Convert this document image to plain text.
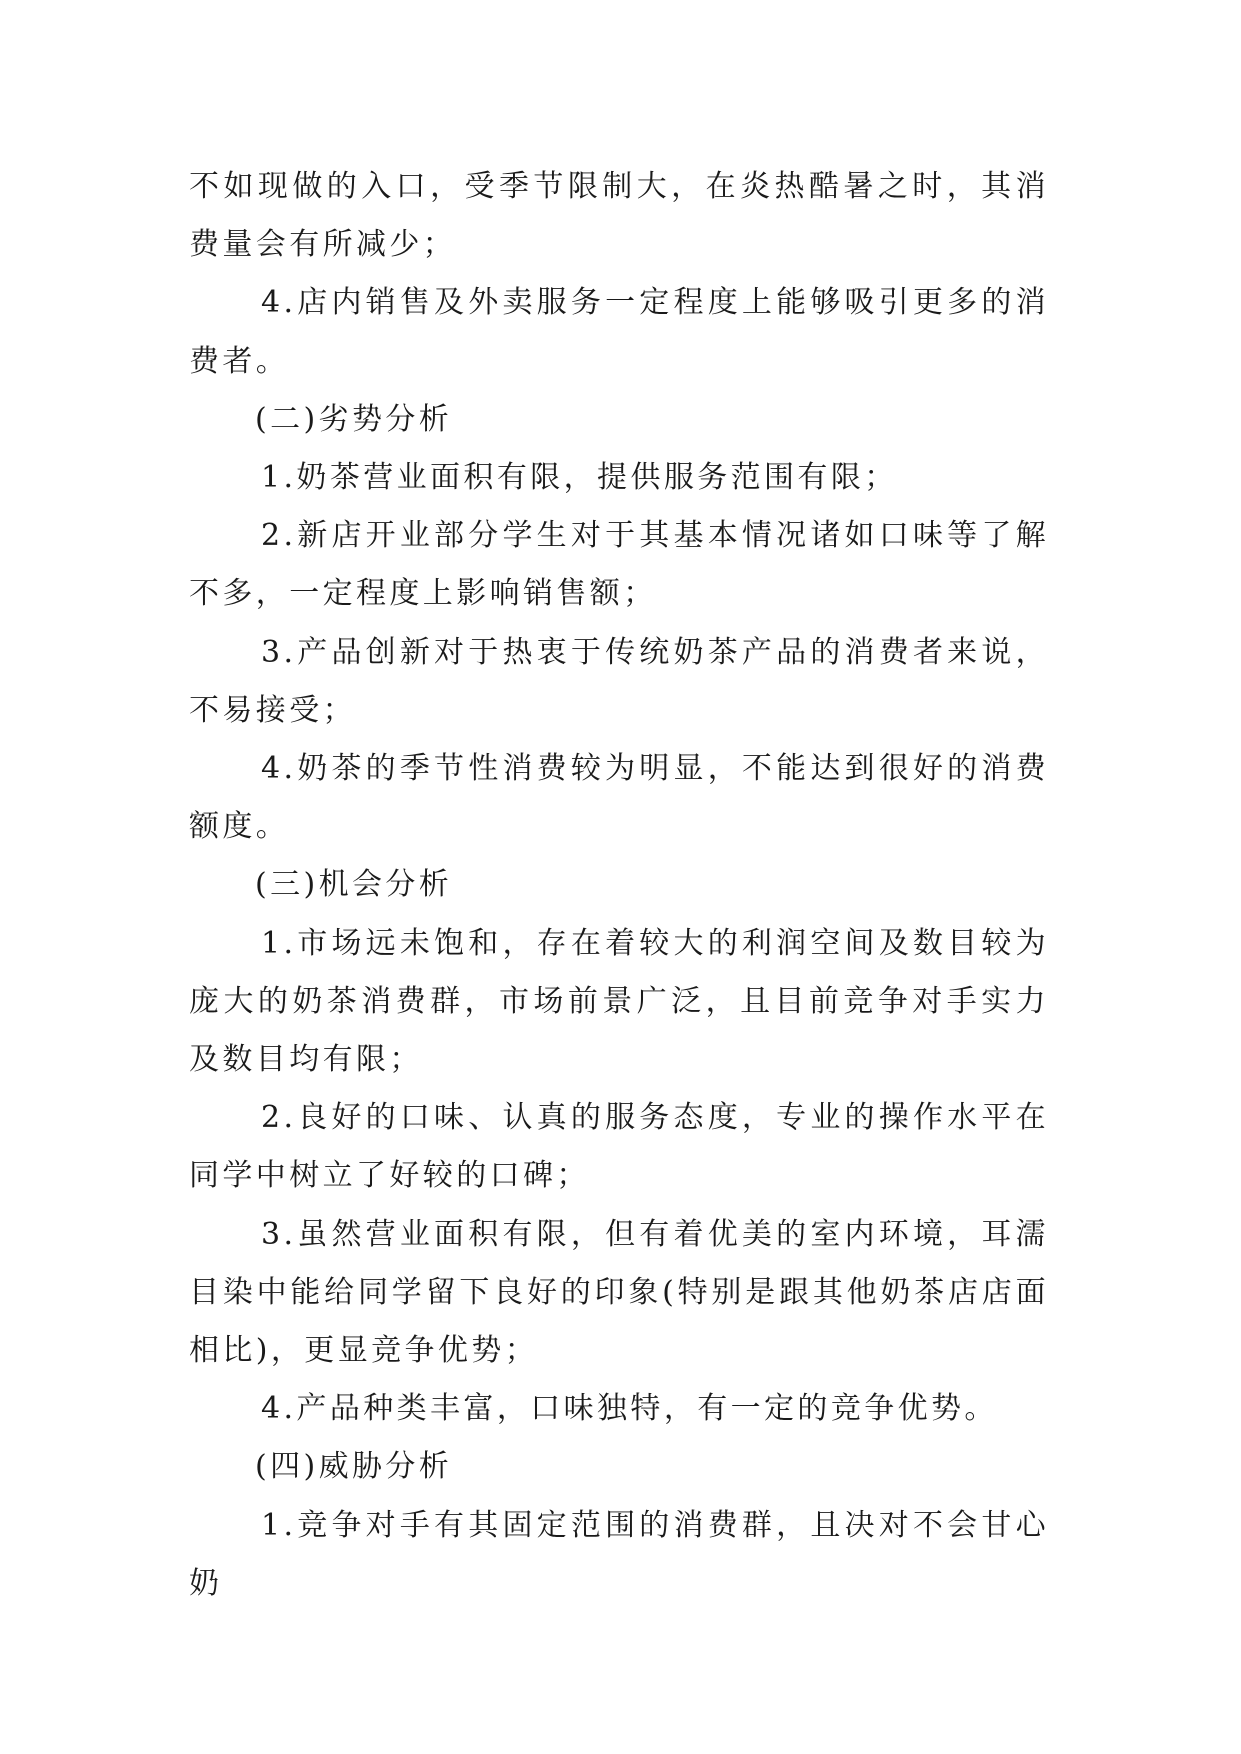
不如现做的入口，受季节限制大，在炎热酷暑之时，其消费量会有所减少；

4.店内销售及外卖服务一定程度上能够吸引更多的消费者。

(二)劣势分析

1.奶茶营业面积有限，提供服务范围有限；

2.新店开业部分学生对于其基本情况诸如口味等了解不多，一定程度上影响销售额；

3.产品创新对于热衷于传统奶茶产品的消费者来说，不易接受；

4.奶茶的季节性消费较为明显，不能达到很好的消费额度。

(三)机会分析

1.市场远未饱和，存在着较大的利润空间及数目较为庞大的奶茶消费群，市场前景广泛，且目前竞争对手实力及数目均有限；

2.良好的口味、认真的服务态度，专业的操作水平在同学中树立了好较的口碑；

3.虽然营业面积有限，但有着优美的室内环境，耳濡目染中能给同学留下良好的印象(特别是跟其他奶茶店店面相比)，更显竞争优势；

4.产品种类丰富，口味独特，有一定的竞争优势。

(四)威胁分析

1.竞争对手有其固定范围的消费群，且决对不会甘心奶
